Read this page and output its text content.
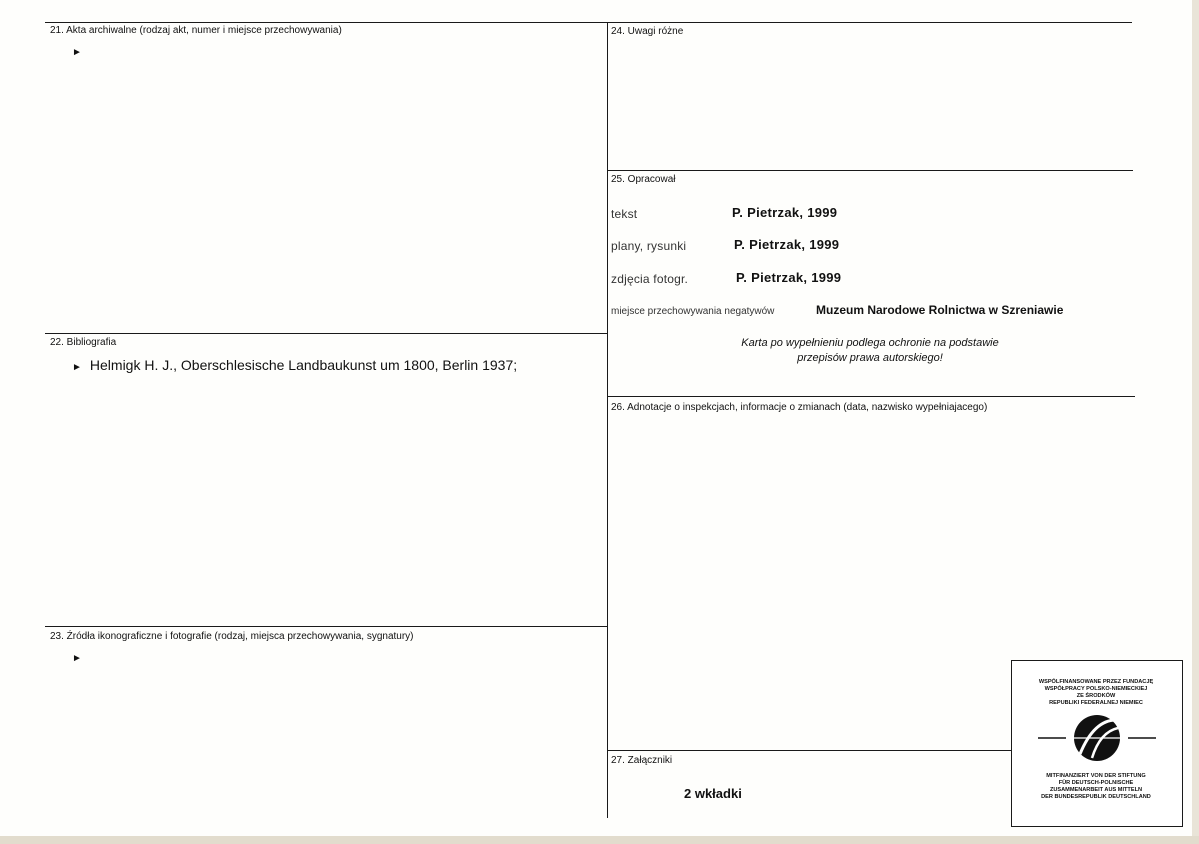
21. Akta archiwalne (rodzaj akt, numer i miejsce przechowywania)
►
22. Bibliografia
► Helmigk H. J., Oberschlesische Landbaukunst um 1800, Berlin 1937;
23. Źródła ikonograficzne i fotografie (rodzaj, miejsca przechowywania, sygnatury)
►
24. Uwagi różne
25. Opracował
tekst	P. Pietrzak, 1999
plany, rysunki	P. Pietrzak, 1999
zdjęcia fotogr.	P. Pietrzak, 1999
miejsce przechowywania negatywów	Muzeum Narodowe Rolnictwa w Szreniawie
Karta po wypełnieniu podlega ochronie na podstawie
przepisów prawa autorskiego!
26. Adnotacje o inspekcjach, informacje o zmianach (data, nazwisko wypełniajacego)
27. Załączniki
2 wkładki
WSPÓLFINANSOWANE PRZEZ FUNDACJĘ
WSPÓŁPRACY POLSKO-NIEMIECKIEJ
ZE ŚRODKÓW
REPUBLIKI FEDERALNEJ NIEMIEC
MITFINANZIERT VON DER STIFTUNG
FÜR DEUTSCH-POLNISCHE
ZUSAMMENARBEIT AUS MITTELN
DER BUNDESREPUBLIK DEUTSCHLAND
